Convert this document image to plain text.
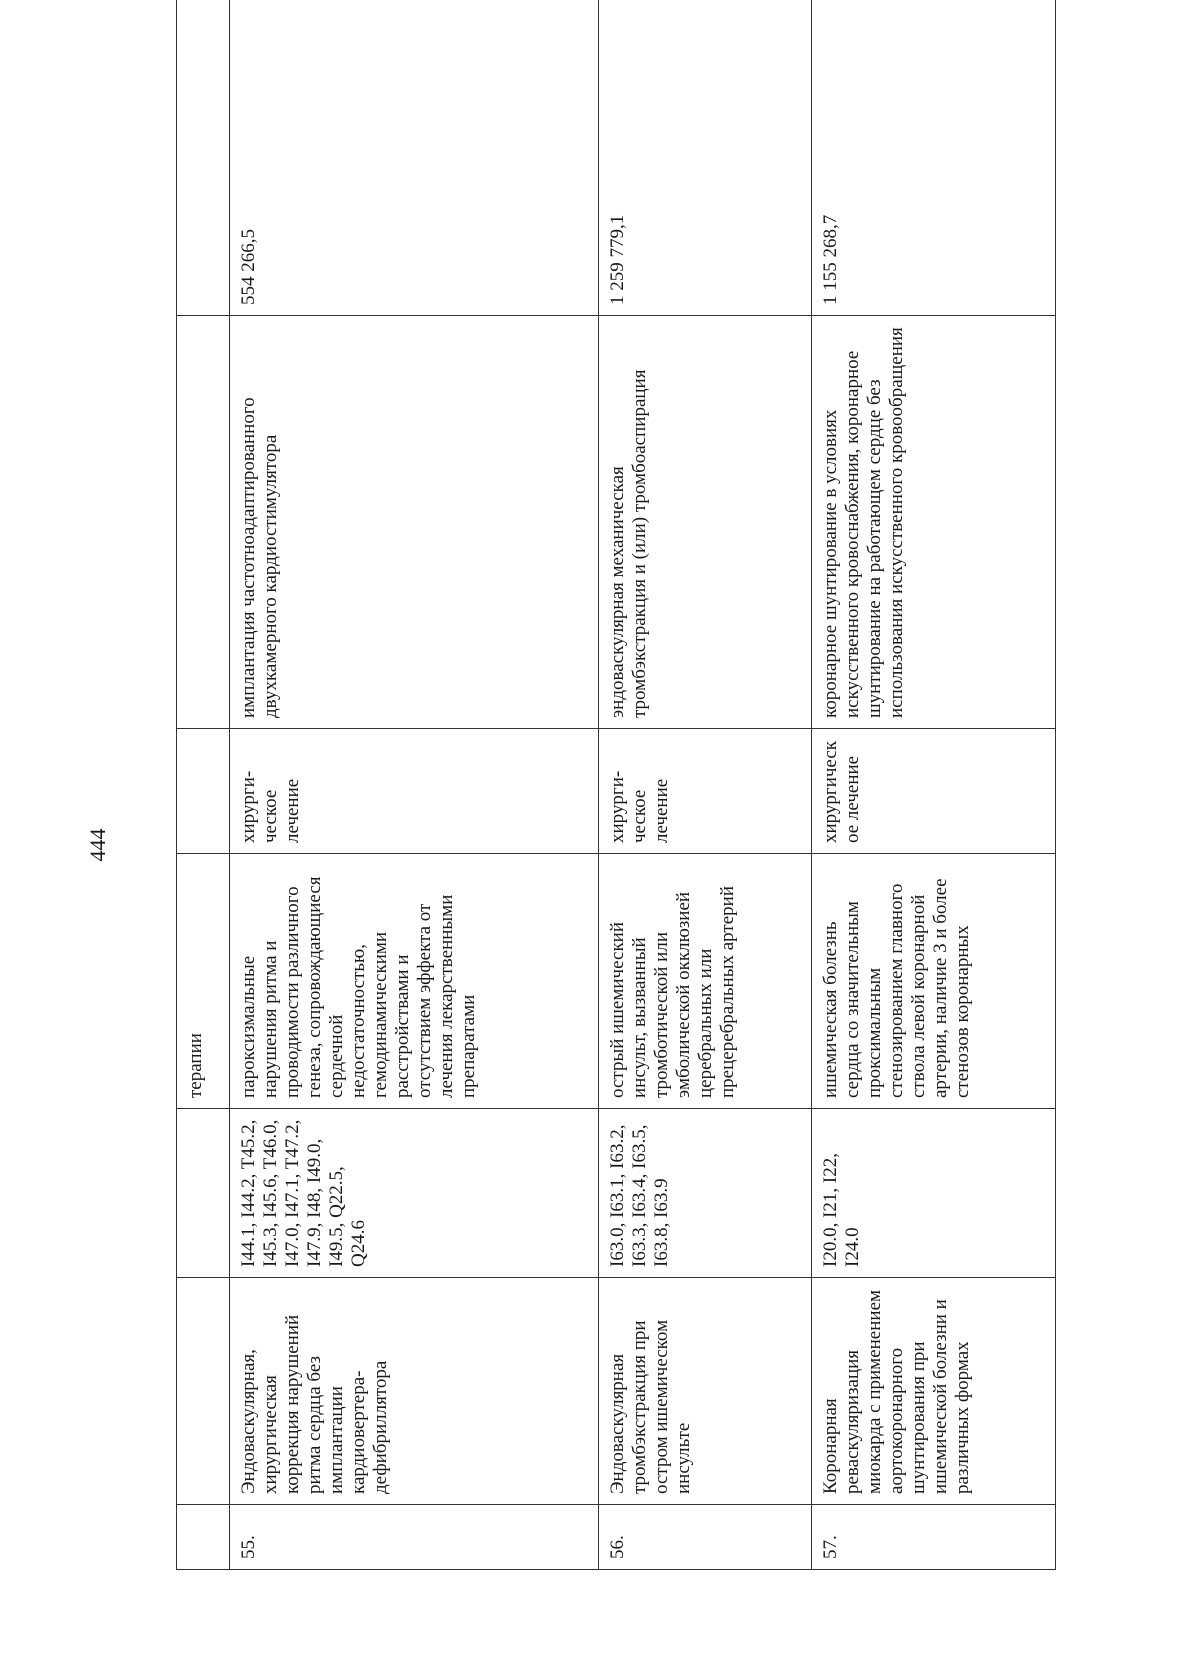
444
			терапии			
55.	Эндоваскулярная, хирургическая коррекция нарушений ритма сердца без имплантации кардиовертера-дефибриллятора	I44.1, I44.2, T45.2, I45.3, I45.6, T46.0, I47.0, I47.1, T47.2, I47.9, I48, I49.0, I49.5, Q22.5, Q24.6	пароксизмальные нарушения ритма и проводимости различного генеза, сопровождающиеся сердечной недостаточностью, гемодинамическими расстройствами и отсутствием эффекта от лечения лекарственными препаратами	хирурги-ческое лечение	имплантация частотноадаптированного двухкамерного кардиостимулятора	554 266,5
56.	Эндоваскулярная тромбэкстракция при остром ишемическом инсульте	I63.0, I63.1, I63.2, I63.3, I63.4, I63.5, I63.8, I63.9	острый ишемический инсульт, вызванный тромботической или эмболической окклюзией церебральных или прецеребральных артерий	хирурги-ческое лечение	эндоваскулярная механическая тромбэкстракция и (или) тромбоаспирация	1 259 779,1
57.	Коронарная реваскуляризация миокарда с применением аортокоронарного шунтирования при ишемической болезни и различных формах	I20.0, I21, I22, I24.0	ишемическая болезнь сердца со значительным проксимальным стенозированием главного ствола левой коронарной артерии, наличие 3 и более стенозов коронарных	хирургическ ое лечение	коронарное шунтирование в условиях искусственного кровоснабжения, коронарное шунтирование на работающем сердце без использования искусственного кровообращения	1 155 268,7
